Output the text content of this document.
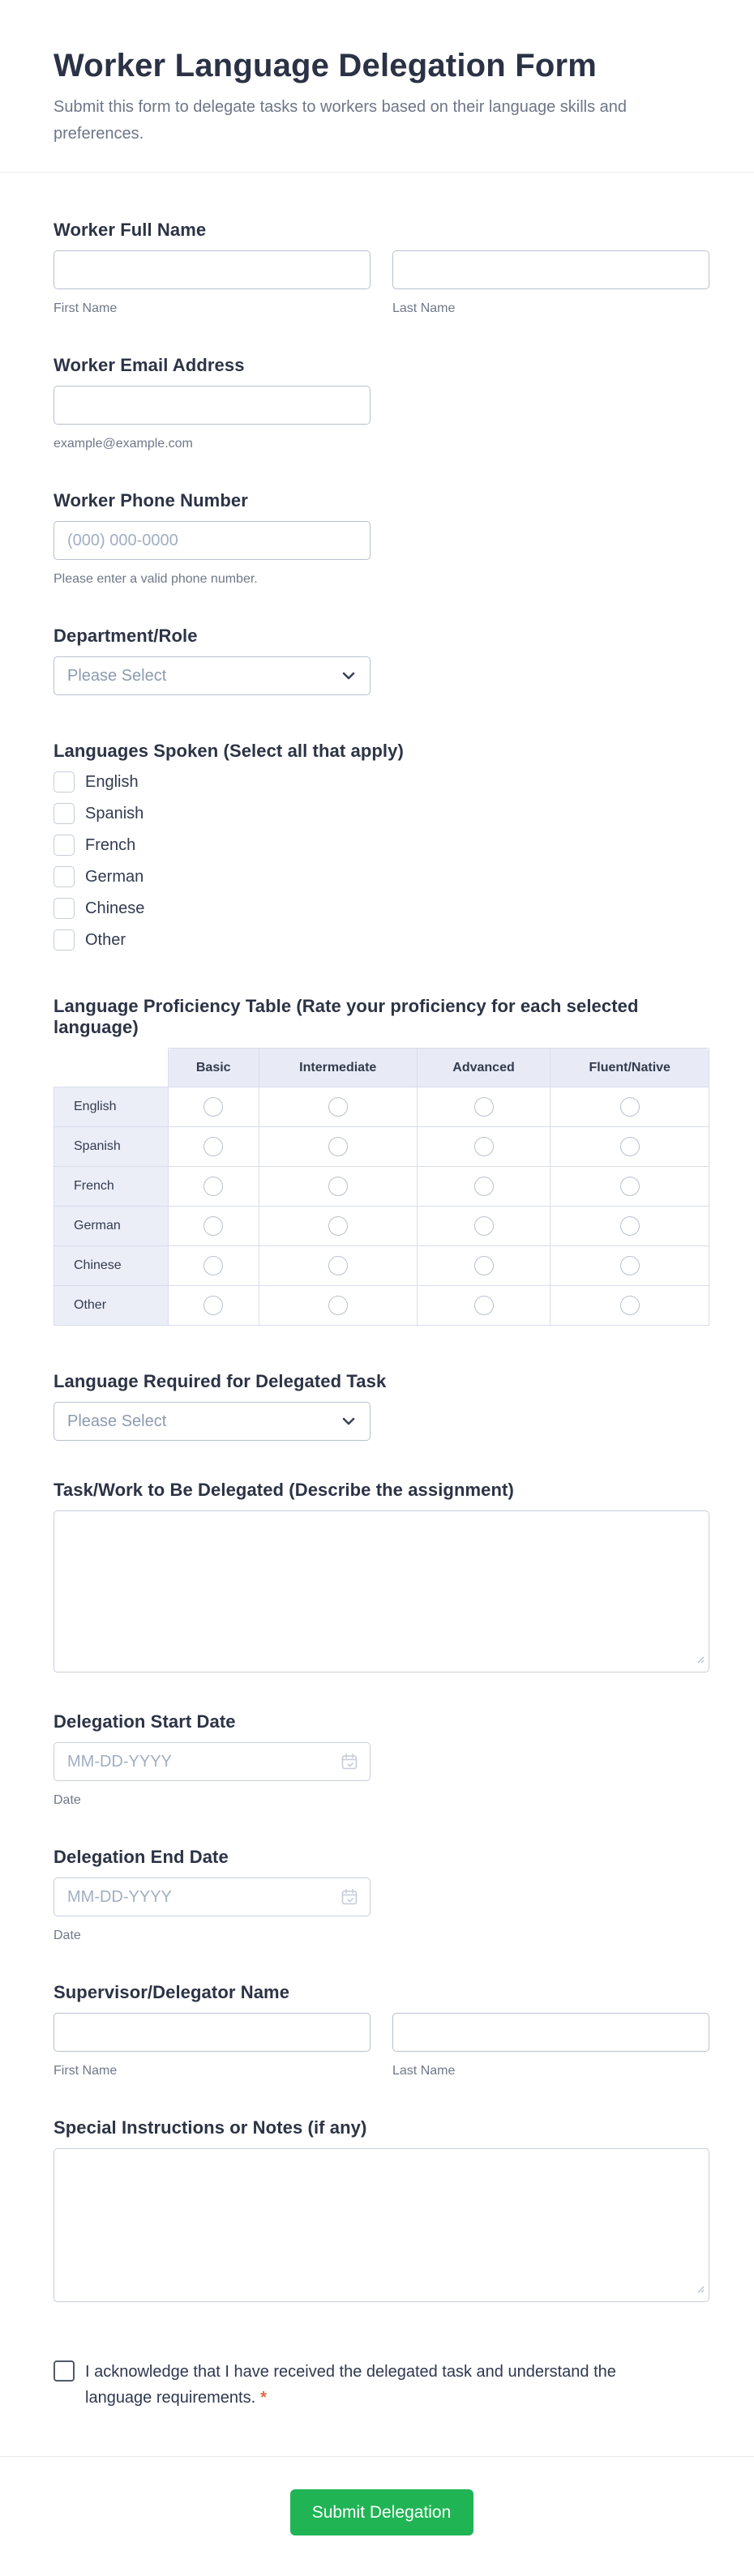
Worker Language Delegation Form
Submit this form to delegate tasks to workers based on their language skills and preferences.
Worker Full Name
First Name	Last Name
Worker Email Address
example@example.com
Worker Phone Number
(000) 000-0000
Please enter a valid phone number.
Department/Role
Please Select
Languages Spoken (Select all that apply)
English
Spanish
French
German
Chinese
Other
Language Proficiency Table (Rate your proficiency for each selected language)
	Basic	Intermediate	Advanced	Fluent/Native
English				
Spanish				
French				
German				
Chinese				
Other				
Language Required for Delegated Task
Please Select
Task/Work to Be Delegated (Describe the assignment)
Delegation Start Date
MM-DD-YYYY
Date
Delegation End Date
MM-DD-YYYY
Date
Supervisor/Delegator Name
First Name	Last Name
Special Instructions or Notes (if any)
I acknowledge that I have received the delegated task and understand the language requirements. *
Submit Delegation
